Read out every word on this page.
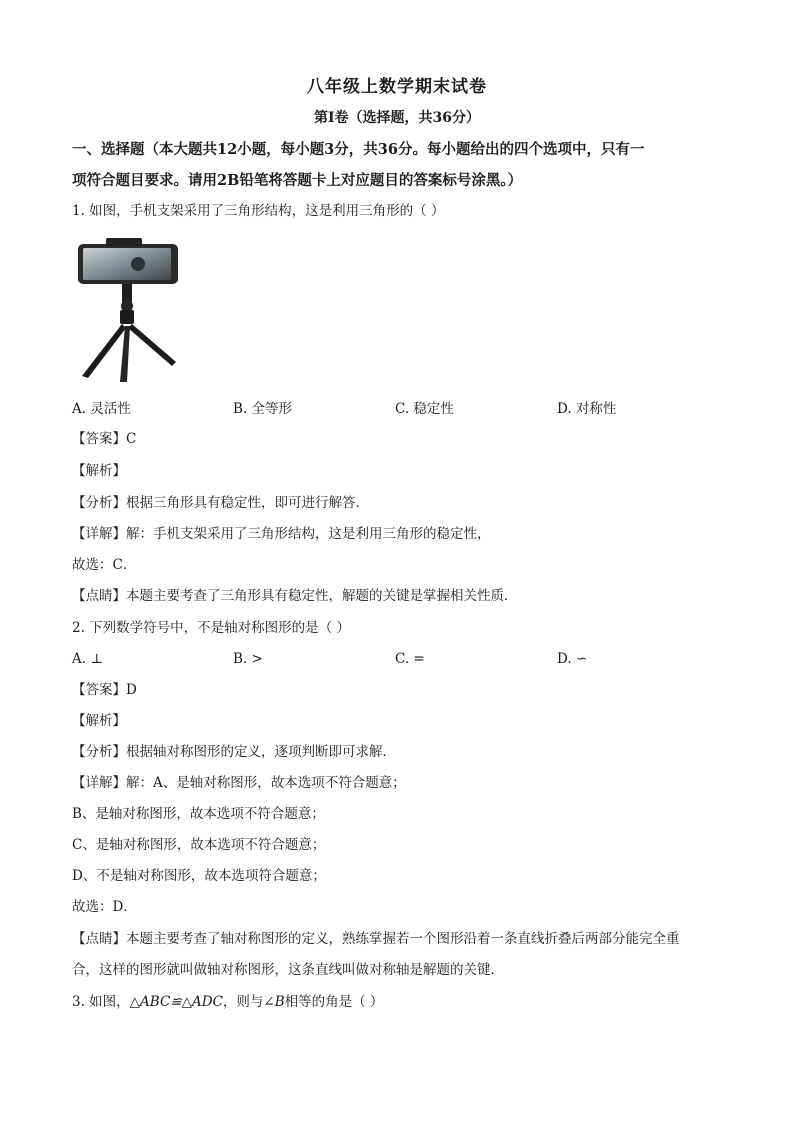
八年级上数学期末试卷
第Ⅰ卷（选择题，共36分）
一、选择题（本大题共12小题，每小题3分，共36分。每小题给出的四个选项中，只有一
项符合题目要求。请用2B铅笔将答题卡上对应题目的答案标号涂黑。）
1. 如图，手机支架采用了三角形结构，这是利用三角形的（ ）
A. 灵活性	B. 全等形	C. 稳定性	D. 对称性
【答案】C
【解析】
【分析】根据三角形具有稳定性，即可进行解答．
【详解】解：手机支架采用了三角形结构，这是利用三角形的稳定性，
故选：C．
【点睛】本题主要考查了三角形具有稳定性，解题的关键是掌握相关性质．
2. 下列数学符号中，不是轴对称图形的是（ ）
A. ⊥	B. >	C. =	D. ∽
【答案】D
【解析】
【分析】根据轴对称图形的定义，逐项判断即可求解．
【详解】解：A、是轴对称图形，故本选项不符合题意；
B、是轴对称图形，故本选项不符合题意；
C、是轴对称图形，故本选项不符合题意；
D、不是轴对称图形，故本选项符合题意；
故选：D．
【点睛】本题主要考查了轴对称图形的定义，熟练掌握若一个图形沿着一条直线折叠后两部分能完全重
合，这样的图形就叫做轴对称图形，这条直线叫做对称轴是解题的关键．
3. 如图，△ABC≌△ADC，则与∠B相等的角是（ ）
